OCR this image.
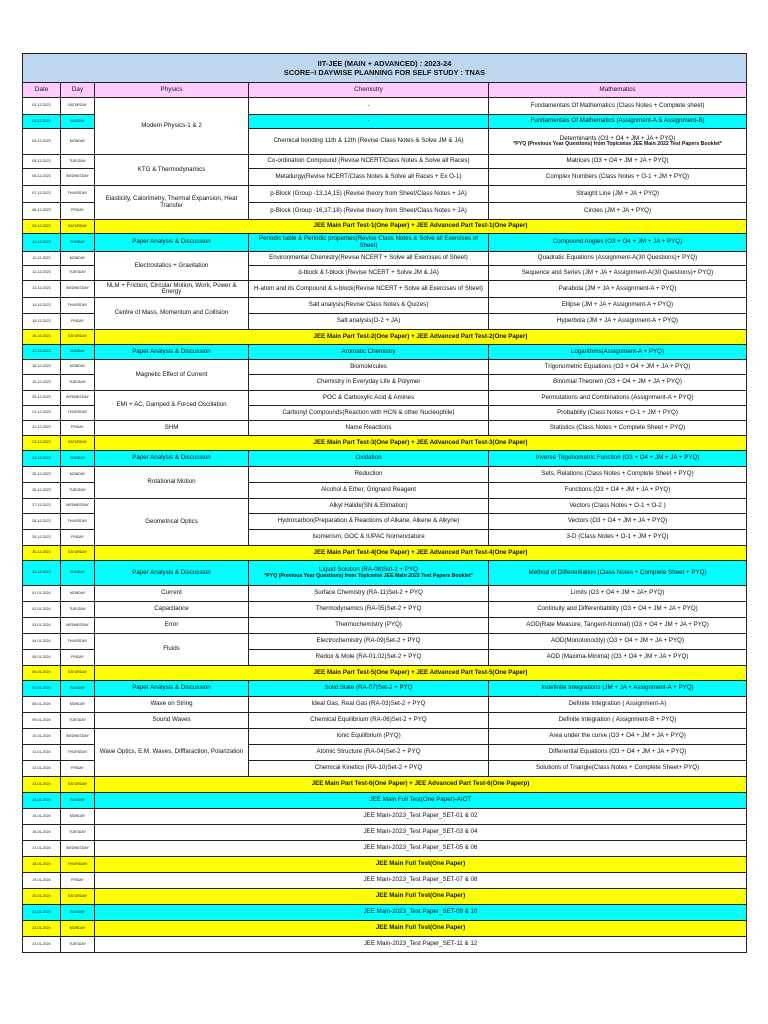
IIT-JEE (MAIN + ADVANCED) : 2023-24
SCORE–I DAYWISE PLANNING FOR SELF STUDY : TNAS				

Date	Day	Physics	Chemistry	Mathematics
02-12-2023	SATURDAY	Modern Physics-1 & 2	-	Fundamentals Of Mathematics (Class Notes + Complete sheet)

03-12-2023	SUNDAY		-	Fundamentals Of Mathematics (Assignment-A & Assignment-B)

04-12-2023	MONDAY		Chemical bonding 11th & 12th (Revise Class Notes & Solve JM & JA)	Determinants (O3 + O4 + JM + JA + PYQ)
*PYQ (Previous Year Questions) from Topicwise JEE Main 2022 Test Papers Booklet*

05-12-2023	TUESDAY	KTG & Thermodynamics	Co-ordination Compound (Revise NCERT/Class Notes & Solve all Races)	Matrices (O3 + O4 + JM + JA + PYQ)

06-12-2023	WEDNESDAY		Metallurgy(Revise NCERT/Class Notes & Solve all Races + Ex O-1)	Complex Numbers (Class Notes + O-1 + JM + PYQ)

07-12-2023	THURSDAY	Elasticity, Calorimetry, Thermal Expansion, Heat Transfer	p-Block (Group -13,14,15) (Revise theory from Sheet/Class Notes + JA)	Straight Line (JM + JA + PYQ)

08-12-2023	FRIDAY		p-Block (Group -16,17,18) (Revise theory from Sheet/Class Notes + JA)	Circles (JM + JA + PYQ)

09-12-2023	SATURDAY	JEE Main Part Test-1(One Paper) + JEE Advanced Part Test-1(One Paper)		
10-12-2023	SUNDAY	Paper Analysis & Discussion	Periodic table & Periodic properties(Revise Class Notes & Solve all Exercises of Sheet)	Compound Angles (O3 + O4 + JM + JA + PYQ)

11-12-2023	MONDAY	Electrostatics + Gravitation	Environmental Chemistry(Revise NCERT + Solve all Exercises of Sheet)	Quadratic Equations (Assignment-A(30 Questions)+ PYQ)

12-12-2023	TUESDAY		d-block & f-block (Revise NCERT + Solve JM & JA)	Sequence and Series (JM + JA + Assignment-A(30 Questions)+ PYQ)

13-12-2023	WEDNESDAY	NLM + Friction, Circular Motion, Work, Power & Energy	H-atom and its Compound & s-block(Revise NCERT + Solve all Exercises of Sheet)	Parabola (JM + JA + Assignment-A + PYQ)

14-12-2023	THURSDAY	Centre of Mass, Momentum and Collision	Salt analysis(Revise Class Notes & Quizes)	Ellipse (JM + JA + Assignment-A + PYQ)

15-12-2023	FRIDAY		Salt analysis(O-2 + JA)	Hyperbola (JM + JA + Assignment-A + PYQ)

16-12-2023	SATURDAY	JEE Main Part Test-2(One Paper) + JEE Advanced Part Test-2(One Paper)		
17-12-2023	SUNDAY	Paper Analysis & Discussion	Aromatic Chemistry	Logarithms(Assignment-A + PYQ)

18-12-2023	MONDAY	Magnetic Effect of Current	Biomolecules	Trigonometric Equations (O3 + O4 + JM + JA + PYQ)

19-12-2023	TUESDAY		Chemistry in Everyday Life & Polymer	Binomial Theorem (O3 + O4 + JM + JA + PYQ)

20-12-2023	WEDNESDAY	EMI + AC, Damped & Forced Oscillation	POC & Carboxylic Acid & Amines	Permutations and Combinations (Assignment-A + PYQ)

21-12-2023	THURSDAY		Carbonyl Compounds(Reaction with HCN & other Nucleophile)	Probability (Class Notes + O-1 + JM + PYQ)

22-12-2023	FRIDAY	SHM	Name Reactions	Statistics (Class Notes + Complete Sheet + PYQ)

23-12-2023	SATURDAY	JEE Main Part Test-3(One Paper) + JEE Advanced Part Test-3(One Paper)		
24-12-2023	SUNDAY	Paper Analysis & Discussion	Oxidation	Inverse Trigonometric Function (O3 + O4 + JM + JA + PYQ)

25-12-2023	MONDAY	Rotational Motion	Reduction	Sets, Relations (Class Notes + Complete Sheet + PYQ)

26-12-2023	TUESDAY		Alcohol & Ether, Grignard Reagent	Functions (O3 + O4 + JM + JA + PYQ)

27-12-2023	WEDNESDAY	Geometrical Optics	Alkyl Halide(SN & Elimation)	Vectors (Class Notes + O-1 + O-2 )

28-12-2023	THURSDAY		Hydrocarbon(Preparation & Reactions of Alkane, Alkene & Alkyne)	Vectors (O3 + O4 + JM + JA + PYQ)

29-12-2023	FRIDAY		Isomerism, GOC & IUPAC Nomenclature	3-D (Class Notes + O-1 + JM + PYQ)

30-12-2023	SATURDAY	JEE Main Part Test-4(One Paper) + JEE Advanced Part Test-4(One Paper)		
31-12-2023	SUNDAY	Paper Analysis & Discussion	Liquid Solution (RA-08)Set-2 + PYQ
*PYQ (Previous Year Questions) from Topicwise JEE Main 2022 Test Papers Booklet*	Method of Differentiation (Class Notes + Complete Sheet + PYQ)

01-01-2024	MONDAY	Current	Surface Chemistry (RA-11)Set-2 + PYQ	Limits (O3 + O4 + JM + JA+ PYQ)

02-01-2024	TUESDAY	Capacitance	Thermodynamics (RA-05)Set-2 + PYQ	Continuity and Differentiability (O3 + O4 + JM + JA + PYQ)

03-01-2024	WEDNESDAY	Error	Thermochemistry (PYQ)	AOD(Rate Measure, Tangent-Normal) (O3 + O4 + JM + JA + PYQ)

04-01-2024	THURSDAY	Fluids	Electrochemistry (RA-09)Set-2 + PYQ	AOD(Monotonocity) (O3 + O4 + JM + JA + PYQ)

05-01-2024	FRIDAY		Redox & Mole (RA-01,02)Set-2 + PYQ	AOD (Maxima-Minima) (O3 + O4 + JM + JA + PYQ)

06-01-2024	SATURDAY	JEE Main Part Test-5(One Paper) + JEE Advanced Part Test-5(One Paper)		
07-01-2024	SUNDAY	Paper Analysis & Discussion	Solid State (RA-07)Set-2 + PYQ	Indefinite Integrations (JM + JA + Assignment-A + PYQ)

08-01-2024	MONDAY	Wave on String	Ideal Gas, Real Gas (RA-03)Set-2 + PYQ	Definite Integration ( Assignment-A)

09-01-2024	TUESDAY	Sound Waves	Chemical Equilibrium (RA-06)Set-2 + PYQ	Definite Integration ( Assignment-B + PYQ)

10-01-2024	WEDNESDAY	Wave Optics, E.M. Waves, Difffaraction, Polarization	Ionic Equilibrium (PYQ)	Area under the curve (O3 + O4 + JM + JA + PYQ)

11-01-2024	THURSDAY		Atomic Structure (RA-04)Set-2 + PYQ	Differential Equations (O3 + O4 + JM + JA + PYQ)

12-01-2024	FRIDAY		Chemical Kinetics (RA-10)Set-2 + PYQ	Solutions of Triangle(Class Notes + Complete Sheet+ PYQ)

13-01-2024	SATURDAY	JEE Main Part Test-6(One Paper) + JEE Advanced Part Test-6(One Paperp)		
14-01-2024	SUNDAY	JEE Main Full Test(One Paper)-AIOT		
15-01-2024	MONDAY	JEE Main-2023_Test Paper_SET-01 & 02		
16-01-2024	TUESDAY	JEE Main-2023_Test Paper_SET-03 & 04		
17-01-2024	WEDNESDAY	JEE Main-2023_Test Paper_SET-05 & 06		
18-01-2024	THURSDAY	JEE Main Full Test(One Paper)		
19-01-2024	FRIDAY	JEE Main-2023_Test Paper_SET-07 & 08		
20-01-2024	SATURDAY	JEE Main Full Test(One Paper)		
21-01-2024	SUNDAY	JEE Main-2023_Test Paper_SET-09 & 10		
22-01-2024	MONDAY	JEE Main Full Test(One Paper)		
23-01-2024	TUESDAY	JEE Main-2023_Test Paper_SET-11 & 12		
